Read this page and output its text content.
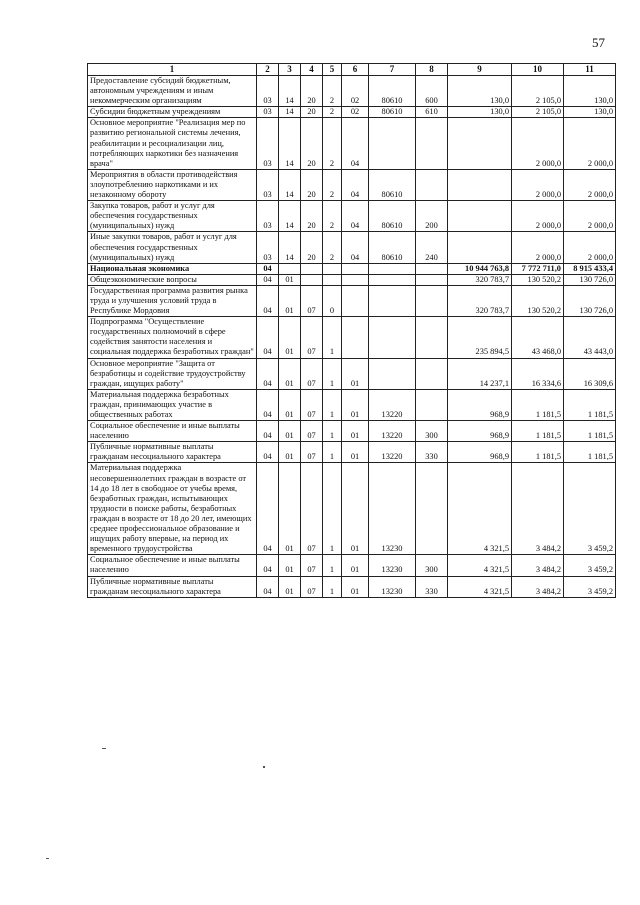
57
1	2	3	4	5	6	7	8	9	10	11
Предоставление субсидий бюджетным, автономным учреждениям и иным некоммерческим организациям	03	14	20	2	02	80610	600	130,0	2 105,0	130,0
Субсидии бюджетным учреждениям	03	14	20	2	02	80610	610	130,0	2 105,0	130,0
Основное мероприятие "Реализация мер по развитию региональной системы лечения, реабилитации и ресоциализации лиц, потребляющих наркотики без назначения врача"	03	14	20	2	04				2 000,0	2 000,0
Мероприятия в области противодействия злоупотреблению наркотиками и их незаконному обороту	03	14	20	2	04	80610			2 000,0	2 000,0
Закупка товаров, работ и услуг для обеспечения государственных (муниципальных) нужд	03	14	20	2	04	80610	200		2 000,0	2 000,0
Иные закупки товаров, работ и услуг для обеспечения государственных (муниципальных) нужд	03	14	20	2	04	80610	240		2 000,0	2 000,0
Национальная экономика	04							10 944 763,8	7 772 711,0	8 915 433,4
Общеэкономические вопросы	04	01						320 783,7	130 520,2	130 726,0
Государственная программа развития рынка труда и улучшения условий труда в Республике Мордовия	04	01	07	0				320 783,7	130 520,2	130 726,0
Подпрограмма "Осуществление государственных полномочий в сфере содействия занятости населения и социальная поддержка безработных граждан"	04	01	07	1				235 894,5	43 468,0	43 443,0
Основное мероприятие "Защита от безработицы и содействие трудоустройству граждан, ищущих работу"	04	01	07	1	01			14 237,1	16 334,6	16 309,6
Материальная поддержка безработных граждан, принимающих участие в общественных работах	04	01	07	1	01	13220		968,9	1 181,5	1 181,5
Социальное обеспечение и иные выплаты населению	04	01	07	1	01	13220	300	968,9	1 181,5	1 181,5
Публичные нормативные выплаты гражданам несоциального характера	04	01	07	1	01	13220	330	968,9	1 181,5	1 181,5
Материальная поддержка несовершеннолетних граждан в возрасте от 14 до 18 лет в свободное от учебы время, безработных граждан, испытывающих трудности в поиске работы, безработных граждан в возрасте от 18 до 20 лет, имеющих среднее профессиональное образование и ищущих работу впервые, на период их временного трудоустройства	04	01	07	1	01	13230		4 321,5	3 484,2	3 459,2
Социальное обеспечение и иные выплаты населению	04	01	07	1	01	13230	300	4 321,5	3 484,2	3 459,2
Публичные нормативные выплаты гражданам несоциального характера	04	01	07	1	01	13230	330	4 321,5	3 484,2	3 459,2
